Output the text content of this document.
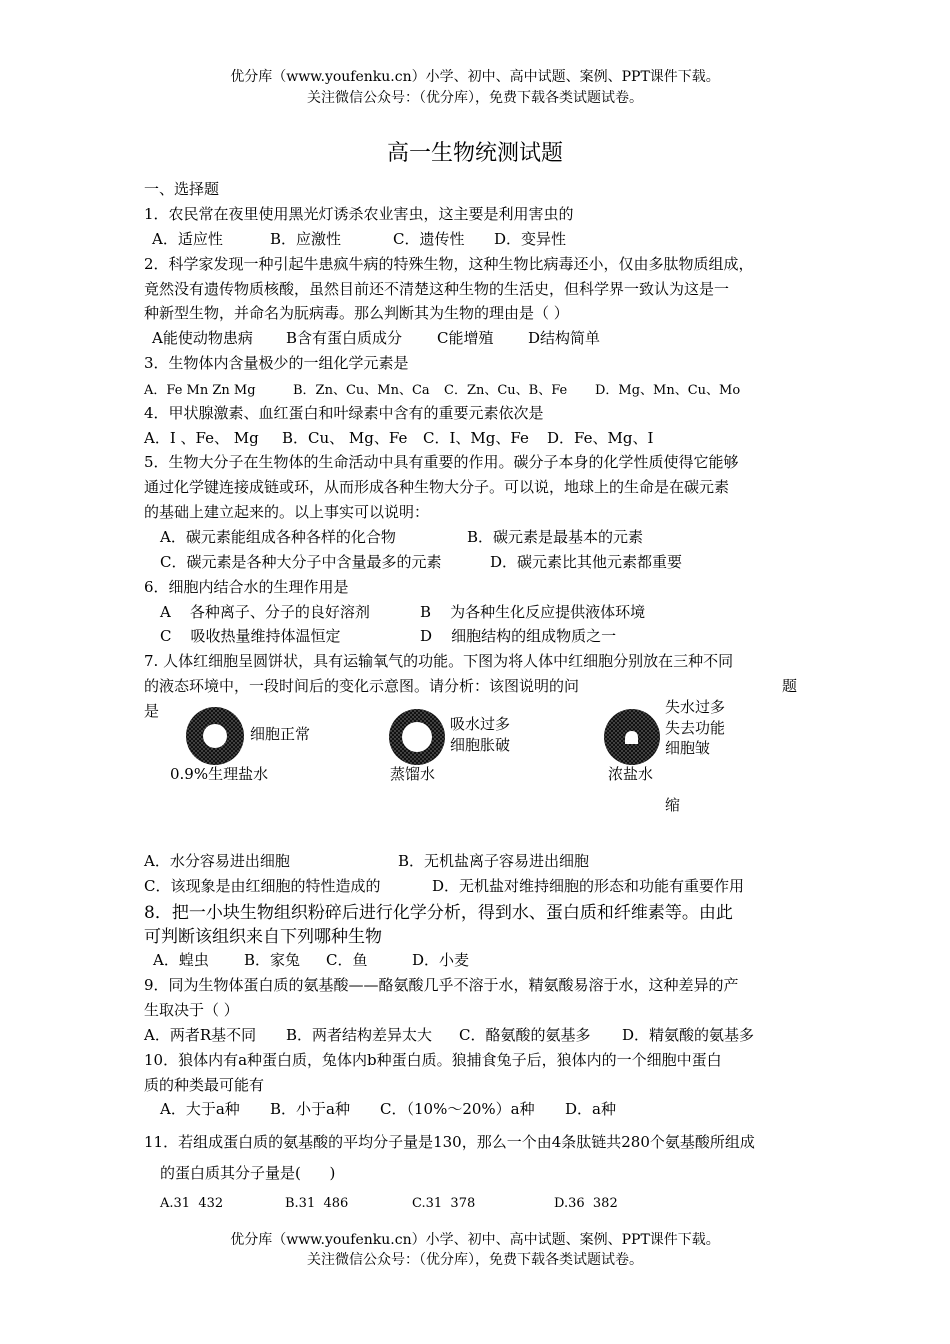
优分库（www.youfenku.cn）小学、初中、高中试题、案例、PPT课件下载。
关注微信公众号：（优分库），免费下载各类试题试卷。
高一生物统测试题
一、选择题
1．农民常在夜里使用黑光灯诱杀农业害虫，这主要是利用害虫的
A．适应性	B．应激性	C．遗传性 D．变异性
2．科学家发现一种引起牛患疯牛病的特殊生物，这种生物比病毒还小，仅由多肽物质组成，
竟然没有遗传物质核酸，虽然目前还不清楚这种生物的生活史，但科学界一致认为这是一
种新型生物，并命名为朊病毒。那么判断其为生物的理由是（ ）
A能使动物患病 B含有蛋白质成分 C能增殖 D结构简单
3．生物体内含量极少的一组化学元素是
A．Fe Mn Zn Mg	B．Zn、Cu、Mn、Ca C．Zn、Cu、B、Fe D．Mg、Mn、Cu、Mo
4．甲状腺激素、血红蛋白和叶绿素中含有的重要元素依次是
A．I 、Fe、 Mg B．Cu、 Mg、Fe C．I、Mg、Fe D．Fe、Mg、I
5．生物大分子在生物体的生命活动中具有重要的作用。碳分子本身的化学性质使得它能够
通过化学键连接成链或环，从而形成各种生物大分子。可以说，地球上的生命是在碳元素
的基础上建立起来的。以上事实可以说明：
A．碳元素能组成各种各样的化合物	B．碳元素是最基本的元素
C．碳元素是各种大分子中含量最多的元素	D．碳元素比其他元素都重要
6．细胞内结合水的生理作用是
A    各种离子、分子的良好溶剂	B    为各种生化反应提供液体环境
C    吸收热量维持体温恒定	D    细胞结构的组成物质之一
7. 人体红细胞呈圆饼状，具有运输氧气的功能。下图为将人体中红细胞分别放在三种不同
的液态环境中，一段时间后的变化示意图。请分析：该图说明的问	题
是
细胞正常
0.9%生理盐水
吸水过多
细胞胀破
蒸馏水
失水过多
失去功能
细胞皱
浓盐水
缩
A．水分容易进出细胞	B．无机盐离子容易进出细胞
C．该现象是由红细胞的特性造成的	D．无机盐对维持细胞的形态和功能有重要作用
8．把一小块生物组织粉碎后进行化学分析，得到水、蛋白质和纤维素等。由此
可判断该组织来自下列哪种生物
A．蝗虫 B．家兔 C．鱼	D．小麦
9．同为生物体蛋白质的氨基酸——酪氨酸几乎不溶于水，精氨酸易溶于水，这种差异的产
生取决于（ ）
A．两者R基不同 B．两者结构差异太大 C．酪氨酸的氨基多 D．精氨酸的氨基多
10．狼体内有a种蛋白质，兔体内b种蛋白质。狼捕食兔子后，狼体内的一个细胞中蛋白
质的种类最可能有
A．大于a种 B．小于a种 C．（10%～20%）a种 D．a种
11．若组成蛋白质的氨基酸的平均分子量是130，那么一个由4条肽链共280个氨基酸所组成
的蛋白质其分子量是(      )
A.31  432	B.31  486	C.31  378	D.36  382
优分库（www.youfenku.cn）小学、初中、高中试题、案例、PPT课件下载。
关注微信公众号：（优分库），免费下载各类试题试卷。
